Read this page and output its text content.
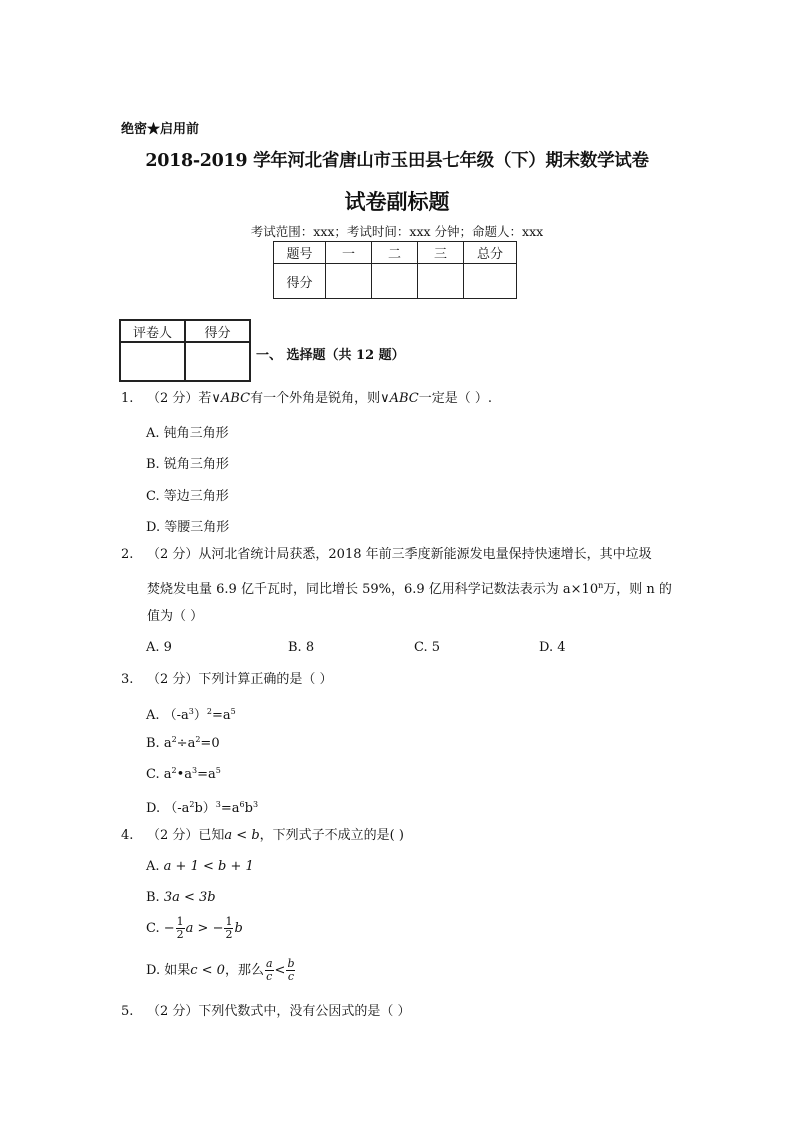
绝密★启用前
2018-2019 学年河北省唐山市玉田县七年级（下）期末数学试卷
试卷副标题
考试范围：xxx；考试时间：xxx 分钟；命题人：xxx
题号	一	二	三	总分
得分				
评卷人	得分

一、 选择题（共 12 题）
1. （2 分）若∨ABC有一个外角是锐角，则∨ABC一定是（ ）.
A. 钝角三角形
B. 锐角三角形
C. 等边三角形
D. 等腰三角形
2. （2 分）从河北省统计局获悉，2018 年前三季度新能源发电量保持快速增长，其中垃圾
焚烧发电量 6.9 亿千瓦时，同比增长 59%，6.9 亿用科学记数法表示为 $a\times 10^n$万，则 n 的
值为（ ）
A. 9	B. 8	C. 5	D. 4
3. （2 分）下列计算正确的是（ ）
A. $(-a^3)^2=a^5$
B. $a^2\div a^2=0$
C. $a^2•a^3=a^5$
D. $(-a^2b)^3=a^6b^3$
4. （2 分）已知a < b，下列式子不成立的是( )
A. a + 1 < b + 1
B. 3a < 3b
C. − $\frac{1}{2}$ a > − $\frac{1}{2}$ b
D. 如果c < 0，那么 $\frac{a}{c} < \frac{b}{c}$
5. （2 分）下列代数式中，没有公因式的是（ ）
